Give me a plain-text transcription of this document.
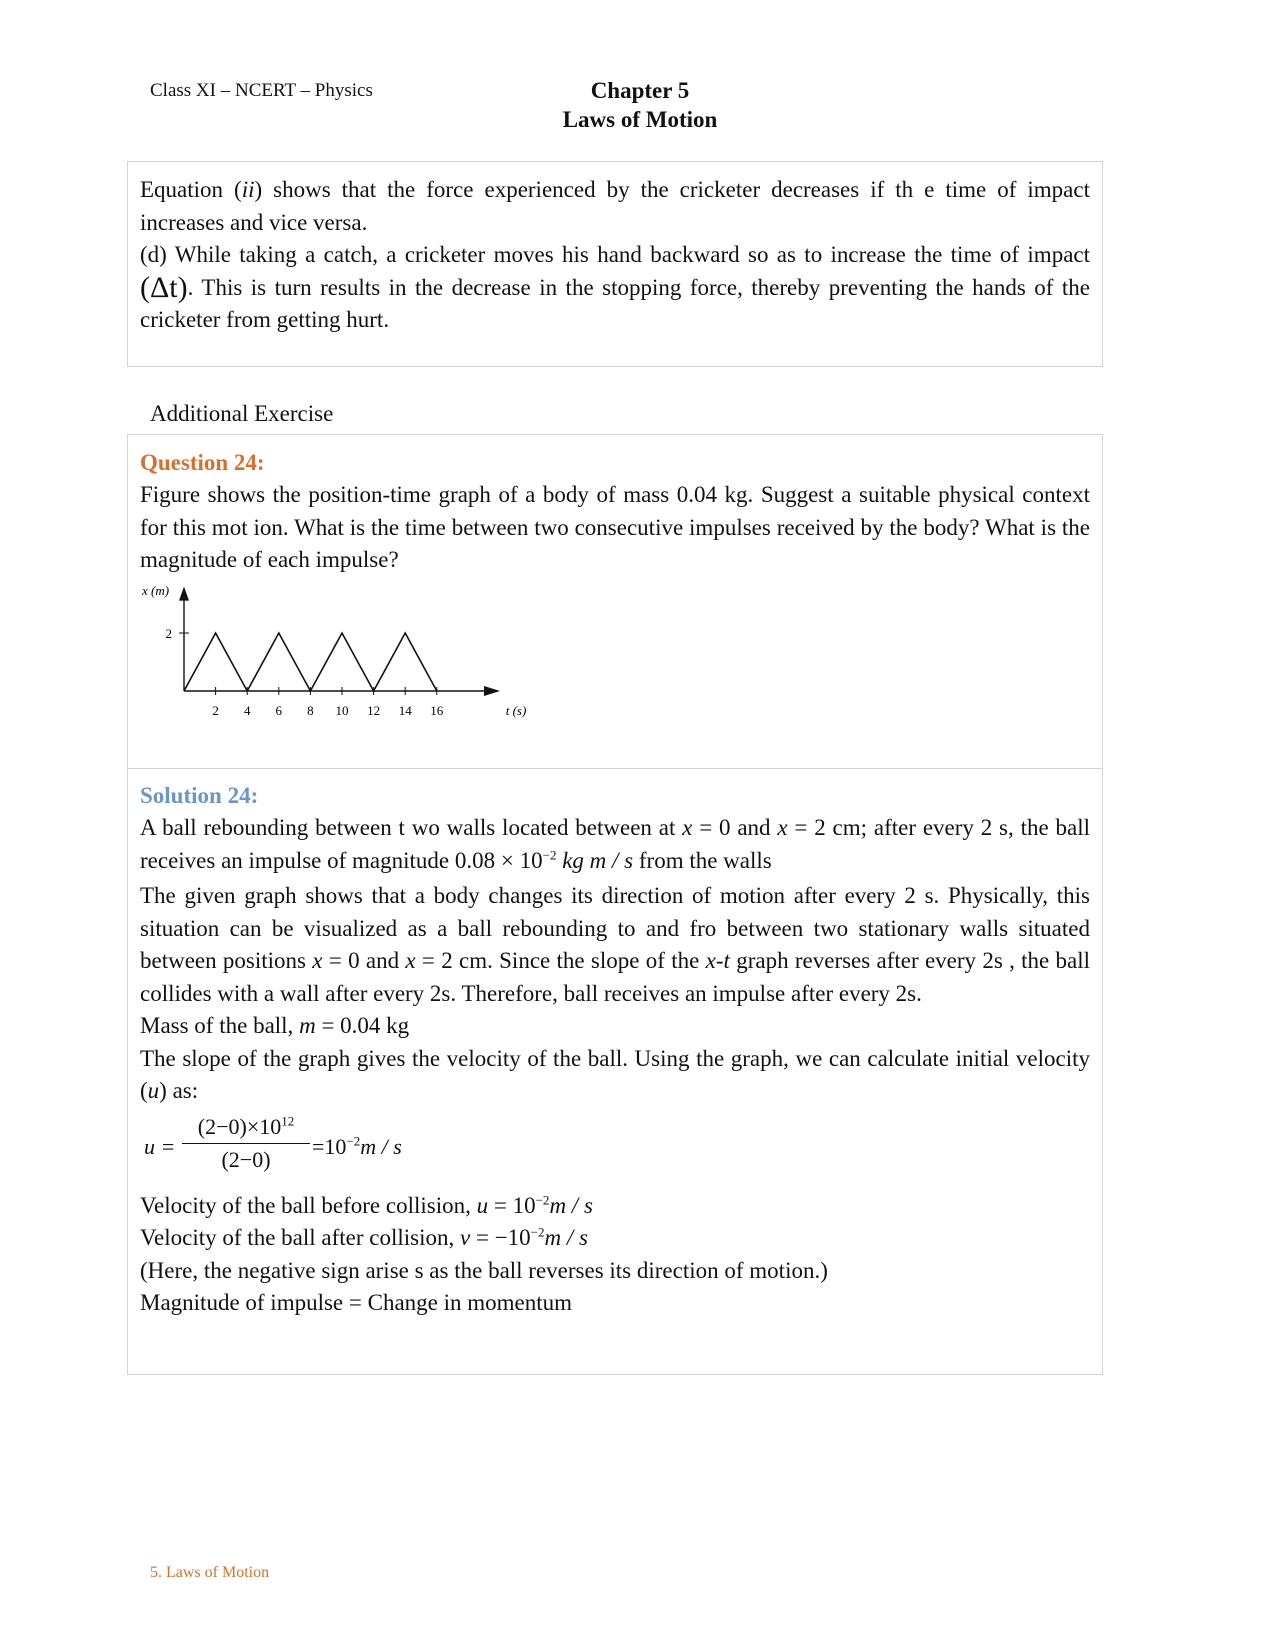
Class XI – NCERT – Physics	Chapter 5
Laws of Motion

Equation (ii) shows that the force experienced by the cricketer decreases if th e time of impact increases and vice versa.

(d) While taking a catch, a cricketer moves his hand backward so as to increase the time of impact (Δt). This is turn results in the decrease in the stopping force, thereby preventing the hands of the cricketer from getting hurt.

Additional Exercise
Question 24:

Figure shows the position-time graph of a body of mass 0.04 kg. Suggest a suitable physical context for this mot ion. What is the time between two consecutive impulses received by the body? What is the magnitude of each impulse?

2
2 4 6 8 10 12 14 16
x (m)
t (s)
Solution 24:

A ball rebounding between t wo walls located between at x = 0 and x = 2 cm; after every 2 s, the ball receives an impulse of magnitude $0.08 \times 10^{-2}$ kg m / s from the walls

The given graph shows that a body changes its direction of motion after every 2 s. Physically, this situation can be visualized as a ball rebounding to and fro between two stationary walls situated between positions x = 0 and x = 2 cm. Since the slope of the x-t graph reverses after every 2s , the ball collides with a wall after every 2s. Therefore, ball receives an impulse after every 2s.

Mass of the ball, m = 0.04 kg

The slope of the graph gives the velocity of the ball. Using the graph, we can calculate initial velocity (u) as:

u =
$(2-0)\times 10^{12}$
(2−0)
$=10^{-2}m / s$

Velocity of the ball before collision, $u = 10^{-2}m / s$

Velocity of the ball after collision, $v = -10^{-2}m / s$

(Here, the negative sign arise s as the ball reverses its direction of motion.)

Magnitude of impulse = Change in momentum

5. Laws of Motion
